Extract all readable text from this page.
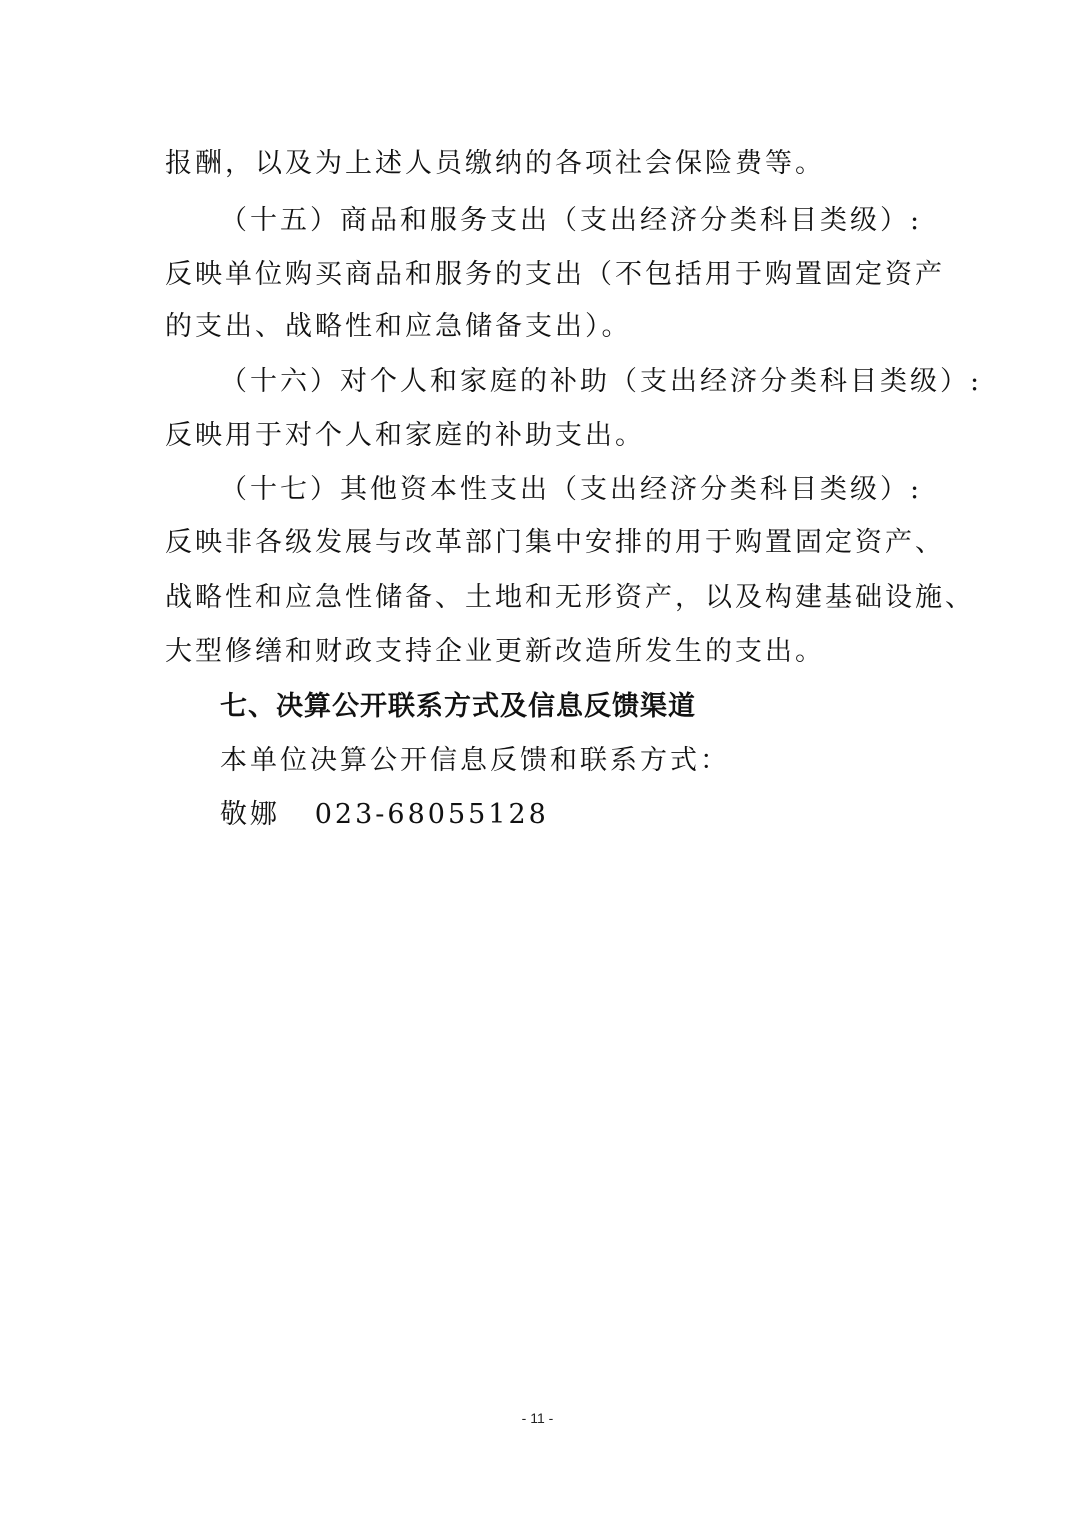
报酬，以及为上述人员缴纳的各项社会保险费等。
（十五）商品和服务支出（支出经济分类科目类级）:
反映单位购买商品和服务的支出（不包括用于购置固定资产
的支出、战略性和应急储备支出）。
（十六）对个人和家庭的补助（支出经济分类科目类级）:
反映用于对个人和家庭的补助支出。
（十七）其他资本性支出（支出经济分类科目类级）:
反映非各级发展与改革部门集中安排的用于购置固定资产、
战略性和应急性储备、土地和无形资产，以及构建基础设施、
大型修缮和财政支持企业更新改造所发生的支出。
七、决算公开联系方式及信息反馈渠道
本单位决算公开信息反馈和联系方式：
敬娜   023-68055128
- 11 -
